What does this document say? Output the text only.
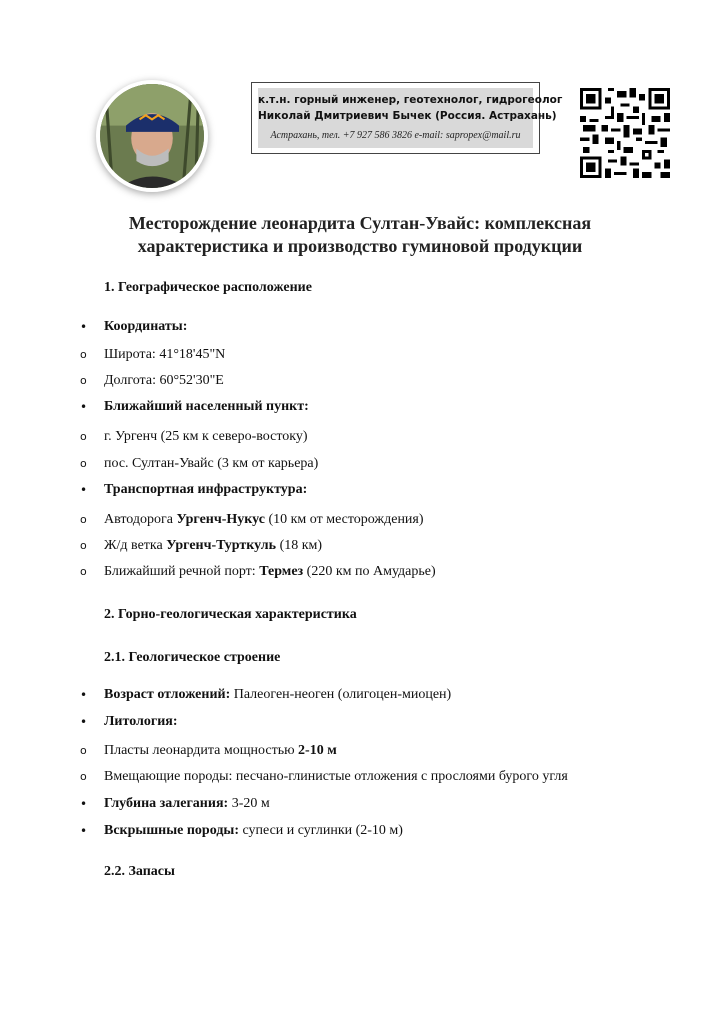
к.т.н. горный инженер, геотехнолог, гидрогеолог
Николай Дмитриевич Бычек (Россия. Астрахань)
Астрахань, тел. +7 927 586 3826 e-mail: sapropex@mail.ru
Месторождение леонардита Султан-Увайс: комплексная
характеристика и производство гуминовой продукции
1. Географическое расположение
•	Координаты:
o	Широта: 41°18'45"N
o	Долгота: 60°52'30"E
•	Ближайший населенный пункт:
o	г. Ургенч (25 км к северо-востоку)
o	пос. Султан-Увайс (3 км от карьера)
•	Транспортная инфраструктура:
o	Автодорога Ургенч-Нукус (10 км от месторождения)
o	Ж/д ветка Ургенч-Турткуль (18 км)
o	Ближайший речной порт: Термез (220 км по Амударье)
2. Горно-геологическая характеристика
2.1. Геологическое строение
•	Возраст отложений: Палеоген-неоген (олигоцен-миоцен)
•	Литология:
o	Пласты леонардита мощностью 2-10 м
o	Вмещающие породы: песчано-глинистые отложения с прослоями бурого угля
•	Глубина залегания: 3-20 м
•	Вскрышные породы: супеси и суглинки (2-10 м)
2.2. Запасы
